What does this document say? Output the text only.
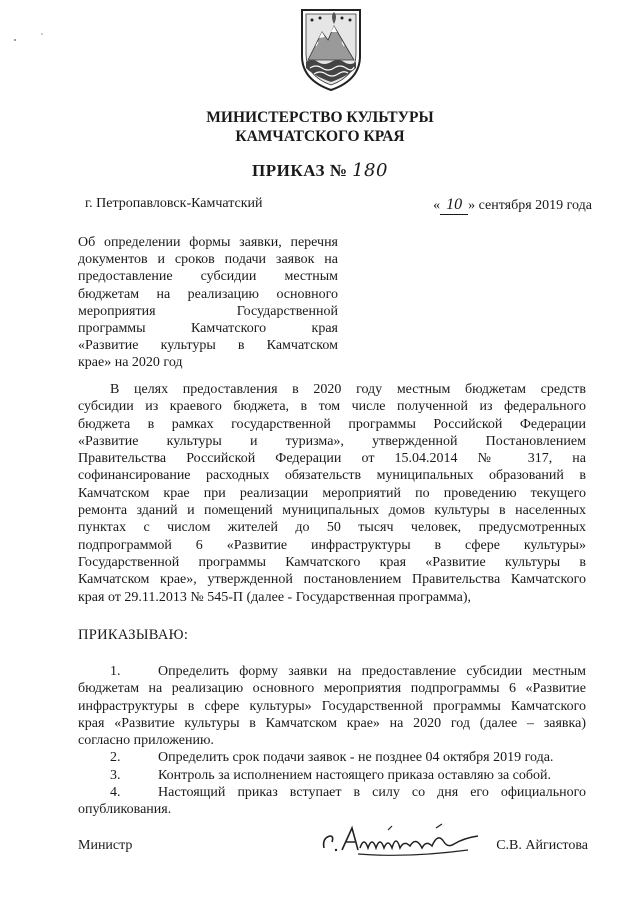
МИНИСТЕРСТВО КУЛЬТУРЫ
КАМЧАТСКОГО КРАЯ
ПРИКАЗ № 180
г. Петропавловск-Камчатский	« 10 » сентября 2019 года
Об определении формы заявки, перечня
документов и сроков подачи заявок на
предоставление субсидии местным
бюджетам на реализацию основного
мероприятия Государственной
программы Камчатского края
«Развитие культуры в Камчатском
крае» на 2020 год
В целях предоставления в 2020 году местным бюджетам средств
субсидии из краевого бюджета, в том числе полученной из федерального
бюджета в рамках государственной программы Российской Федерации
«Развитие культуры и туризма», утвержденной Постановлением
Правительства Российской Федерации от 15.04.2014 № 317, на
софинансирование расходных обязательств муниципальных образований в
Камчатском крае при реализации мероприятий по проведению текущего
ремонта зданий и помещений муниципальных домов культуры в населенных
пунктах с числом жителей до 50 тысяч человек, предусмотренных
подпрограммой 6 «Развитие инфраструктуры в сфере культуры»
Государственной программы Камчатского края «Развитие культуры в
Камчатском крае», утвержденной постановлением Правительства Камчатского
края от 29.11.2013 № 545-П (далее - Государственная программа),
ПРИКАЗЫВАЮ:
1.	Определить форму заявки на предоставление субсидии местным
бюджетам на реализацию основного мероприятия подпрограммы 6 «Развитие
инфраструктуры в сфере культуры» Государственной программы Камчатского
края «Развитие культуры в Камчатском крае» на 2020 год (далее – заявка)
согласно приложению.
2.	Определить срок подачи заявок - не позднее 04 октября 2019 года.
3.	Контроль за исполнением настоящего приказа оставляю за собой.
4.	Настоящий приказ вступает в силу со дня его официального
опубликования.
Министр	С.В. Айгистова
